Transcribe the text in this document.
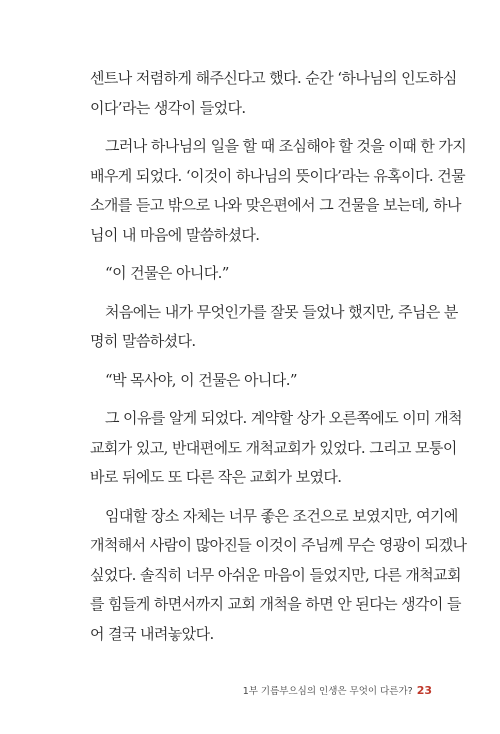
센트나 저렴하게 해주신다고 했다. 순간 ‘하나님의 인도하심
이다’라는 생각이 들었다.
그러나 하나님의 일을 할 때 조심해야 할 것을 이때 한 가지
배우게 되었다. ‘이것이 하나님의 뜻이다’라는 유혹이다. 건물
소개를 듣고 밖으로 나와 맞은편에서 그 건물을 보는데, 하나
님이 내 마음에 말씀하셨다.
“이 건물은 아니다.”
처음에는 내가 무엇인가를 잘못 들었나 했지만, 주님은 분
명히 말씀하셨다.
“박 목사야, 이 건물은 아니다.”
그 이유를 알게 되었다. 계약할 상가 오른쪽에도 이미 개척
교회가 있고, 반대편에도 개척교회가 있었다. 그리고 모퉁이
바로 뒤에도 또 다른 작은 교회가 보였다.
임대할 장소 자체는 너무 좋은 조건으로 보였지만, 여기에
개척해서 사람이 많아진들 이것이 주님께 무슨 영광이 되겠나
싶었다. 솔직히 너무 아쉬운 마음이 들었지만, 다른 개척교회
를 힘들게 하면서까지 교회 개척을 하면 안 된다는 생각이 들
어 결국 내려놓았다.
1부 기름부으심의 인생은 무엇이 다른가? 23
